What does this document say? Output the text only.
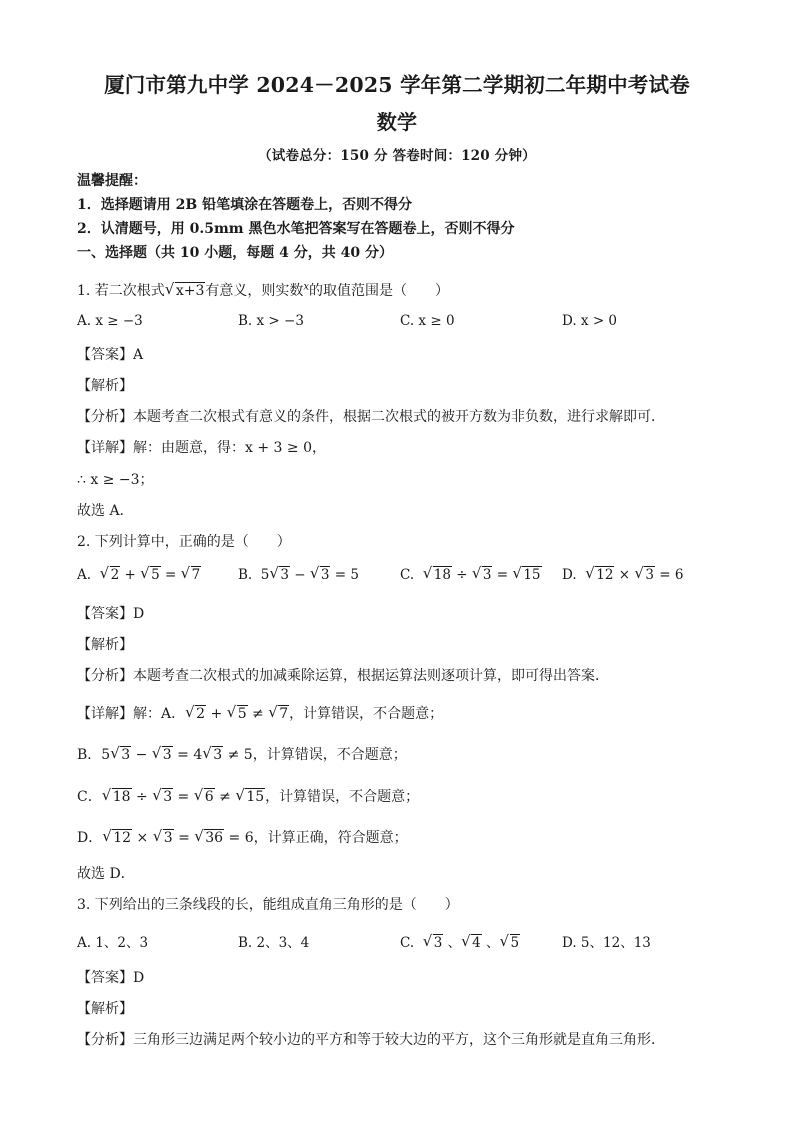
厦门市第九中学 2024－2025 学年第二学期初二年期中考试卷
数学
（试卷总分：150 分 答卷时间：120 分钟）
温馨提醒：
1．选择题请用 2B 铅笔填涂在答题卷上，否则不得分
2．认清题号，用 0.5mm 黑色水笔把答案写在答题卷上，否则不得分
一、选择题（共 10 小题，每题 4 分，共 40 分）
1. 若二次根式 √ x+3有意义，则实数$^x$的取值范围是（　　）
A. x ≥ −3	B. x > −3	C. x ≥ 0	D. x > 0
【答案】A
【解析】
【分析】本题考查二次根式有意义的条件，根据二次根式的被开方数为非负数，进行求解即可．
【详解】解：由题意，得：x + 3 ≥ 0，
∴ x ≥ −3；
故选 A．
2. 下列计算中，正确的是（　　）
A. √ 2 + √ 5 = √ 7	B.  5 √ 3 − √ 3 = 5	C. √ 18 ÷ √ 3 = √ 15 D. √ 12 × √ 3 = 6
【答案】D
【解析】
【分析】本题考查二次根式的加减乘除运算，根据运算法则逐项计算，即可得出答案．
【详解】解：A． √ 2 + √ 5 ≠ √ 7，计算错误，不合题意；
B．5 √ 3 − √ 3 = 4 √ 3 ≠ 5，计算错误，不合题意；
C． √ 18 ÷ √ 3 = √ 6 ≠ √ 15，计算错误，不合题意；
D． √ 12 × √ 3 = √ 36 = 6，计算正确，符合题意；
故选 D．
3. 下列给出的三条线段的长，能组成直角三角形的是（　　）
A. 1、2、3	B. 2、3、4	C. √ 3 、 √ 4 、 √ 5	D. 5、12、13
【答案】D
【解析】
【分析】三角形三边满足两个较小边的平方和等于较大边的平方，这个三角形就是直角三角形．
